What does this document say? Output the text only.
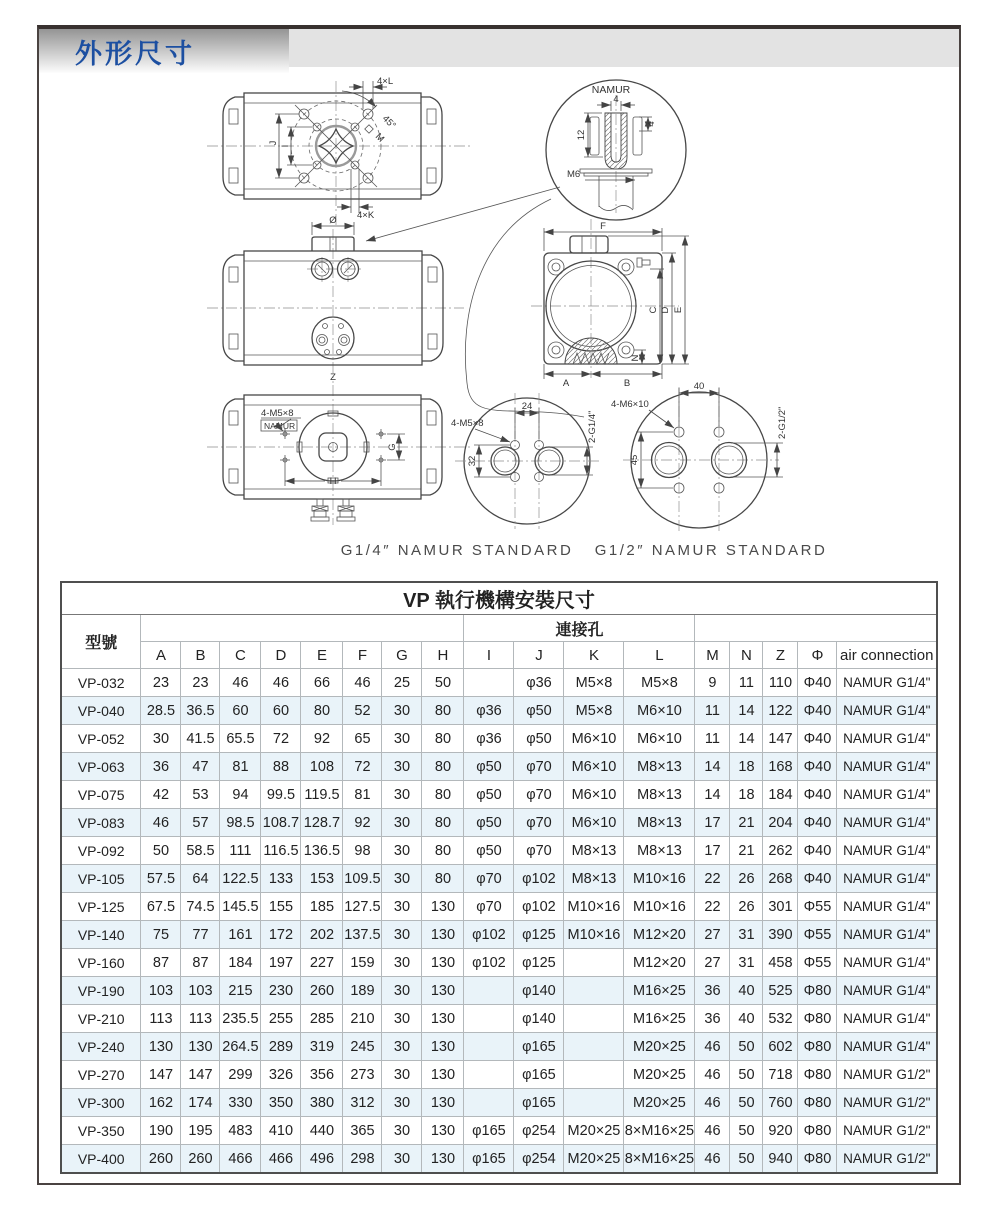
外形尺寸
45°
M
4×L
4×K
J
I
NAMUR
4
12
4
M6
Ø
Z
F
C D E
N
A	B
4-M5×8
NAMUR
G
H
24
32
4-M5×8	2-G1/4"
40
45
4-M6×10
2-G1/2"
G1/4″ NAMUR STANDARD G1/2″ NAMUR STANDARD
VP 執行機構安裝尺寸																	
型號									連接孔								
	A	B	C	D	E	F	G	H	I	J	K	L	M	N	Z	Φ	air connection
VP-032	23	23	46	46	66	46	25	50		φ36	M5×8	M5×8	9	11	110	Φ40	NAMUR G1/4"
VP-040	28.5	36.5	60	60	80	52	30	80	φ36	φ50	M5×8	M6×10	11	14	122	Φ40	NAMUR G1/4"
VP-052	30	41.5	65.5	72	92	65	30	80	φ36	φ50	M6×10	M6×10	11	14	147	Φ40	NAMUR G1/4"
VP-063	36	47	81	88	108	72	30	80	φ50	φ70	M6×10	M8×13	14	18	168	Φ40	NAMUR G1/4"
VP-075	42	53	94	99.5	119.5	81	30	80	φ50	φ70	M6×10	M8×13	14	18	184	Φ40	NAMUR G1/4"
VP-083	46	57	98.5	108.7	128.7	92	30	80	φ50	φ70	M6×10	M8×13	17	21	204	Φ40	NAMUR G1/4"
VP-092	50	58.5	111	116.5	136.5	98	30	80	φ50	φ70	M8×13	M8×13	17	21	262	Φ40	NAMUR G1/4"
VP-105	57.5	64	122.5	133	153	109.5	30	80	φ70	φ102	M8×13	M10×16	22	26	268	Φ40	NAMUR G1/4"
VP-125	67.5	74.5	145.5	155	185	127.5	30	130	φ70	φ102	M10×16	M10×16	22	26	301	Φ55	NAMUR G1/4"
VP-140	75	77	161	172	202	137.5	30	130	φ102	φ125	M10×16	M12×20	27	31	390	Φ55	NAMUR G1/4"
VP-160	87	87	184	197	227	159	30	130	φ102	φ125		M12×20	27	31	458	Φ55	NAMUR G1/4"
VP-190	103	103	215	230	260	189	30	130		φ140		M16×25	36	40	525	Φ80	NAMUR G1/4"
VP-210	113	113	235.5	255	285	210	30	130		φ140		M16×25	36	40	532	Φ80	NAMUR G1/4"
VP-240	130	130	264.5	289	319	245	30	130		φ165		M20×25	46	50	602	Φ80	NAMUR G1/4"
VP-270	147	147	299	326	356	273	30	130		φ165		M20×25	46	50	718	Φ80	NAMUR G1/2"
VP-300	162	174	330	350	380	312	30	130		φ165		M20×25	46	50	760	Φ80	NAMUR G1/2"
VP-350	190	195	483	410	440	365	30	130	φ165	φ254	M20×25	8×M16×25	46	50	920	Φ80	NAMUR G1/2"
VP-400	260	260	466	466	496	298	30	130	φ165	φ254	M20×25	8×M16×25	46	50	940	Φ80	NAMUR G1/2"
